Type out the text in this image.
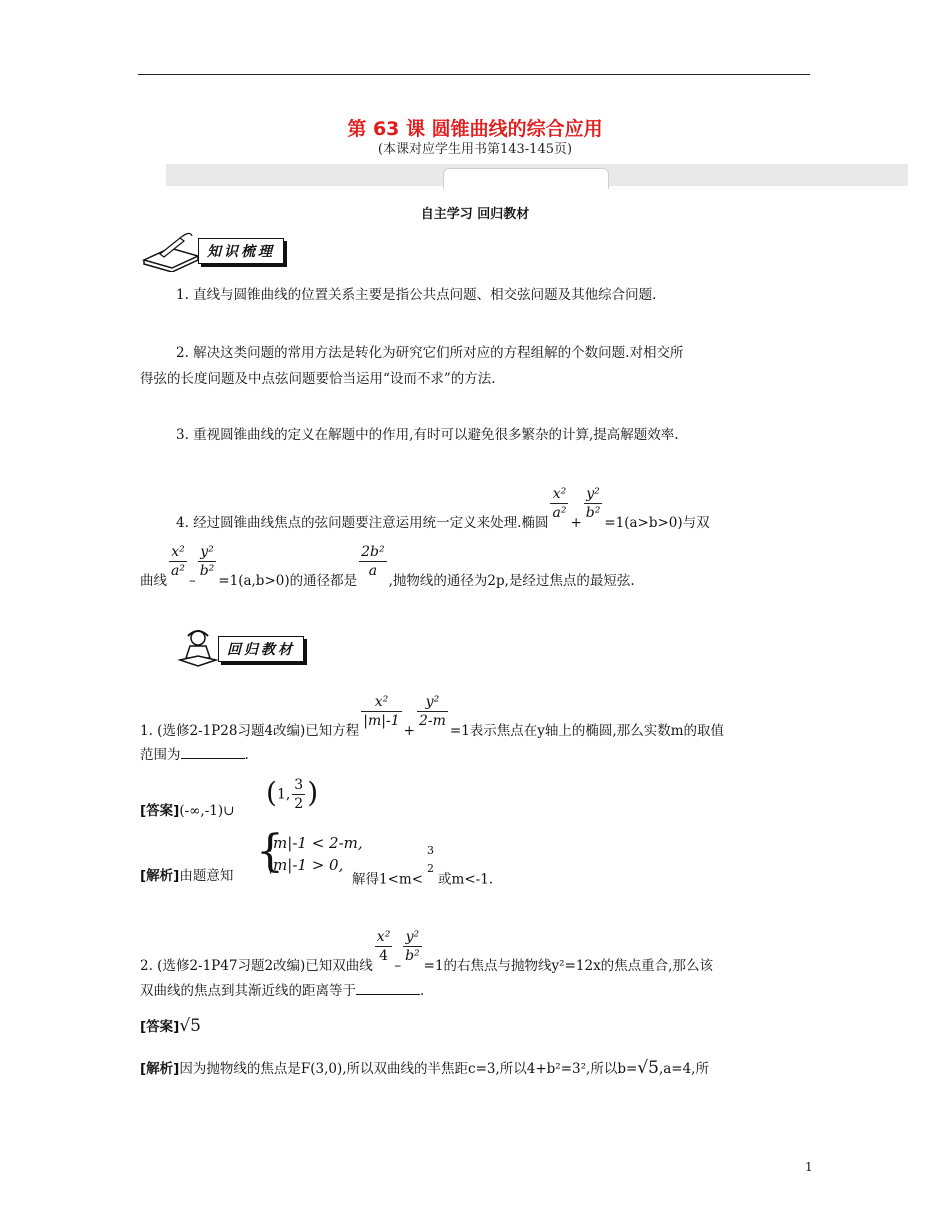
第 63 课 圆锥曲线的综合应用
(本课对应学生用书第143-145页)
自主学习 回归教材
知识梳理
1. 直线与圆锥曲线的位置关系主要是指公共点问题、相交弦问题及其他综合问题.
2. 解决这类问题的常用方法是转化为研究它们所对应的方程组解的个数问题.对相交所
得弦的长度问题及中点弦问题要恰当运用“设而不求”的方法.
3. 重视圆锥曲线的定义在解题中的作用,有时可以避免很多繁杂的计算,提高解题效率.
4. 经过圆锥曲线焦点的弦问题要注意运用统一定义来处理.椭圆
$\frac{\text{x²}}{\text{a²}}$
+
$\frac{\text{y²}}{\text{b²}}$
=1(a>b>0)与双
曲线
$\frac{\text{x²}}{\text{a²}}$
–
$\frac{\text{y²}}{\text{b²}}$
=1(a,b>0)的通径都是
$\frac{\text{2b²}}{a}$
,抛物线的通径为2p,是经过焦点的最短弦.
回归教材
1. (选修2-1P28习题4改编)已知方程
$\frac{\text{x²}}{|m|-1}$
+
$\frac{\text{y²}}{2-m}$
=1表示焦点在y轴上的椭圆,那么实数m的取值
范围为	.
[答案](-∞,-1)∪
(1, $\frac{3}{2}$ )
[解析]由题意知 {
|m|-1 < 2-m,
|m|-1 > 0,
解得1<m<
3
2
或m<-1.
2. (选修2-1P47习题2改编)已知双曲线
$\frac{\text{x²}}{4}$
–
$\frac{\text{y²}}{\text{b²}}$
=1的右焦点与抛物线y²=12x的焦点重合,那么该
双曲线的焦点到其渐近线的距离等于	.
[答案]√5
[解析]因为抛物线的焦点是F(3,0),所以双曲线的半焦距c=3,所以4+b²=3²,所以b=√5,a=4,所
1
